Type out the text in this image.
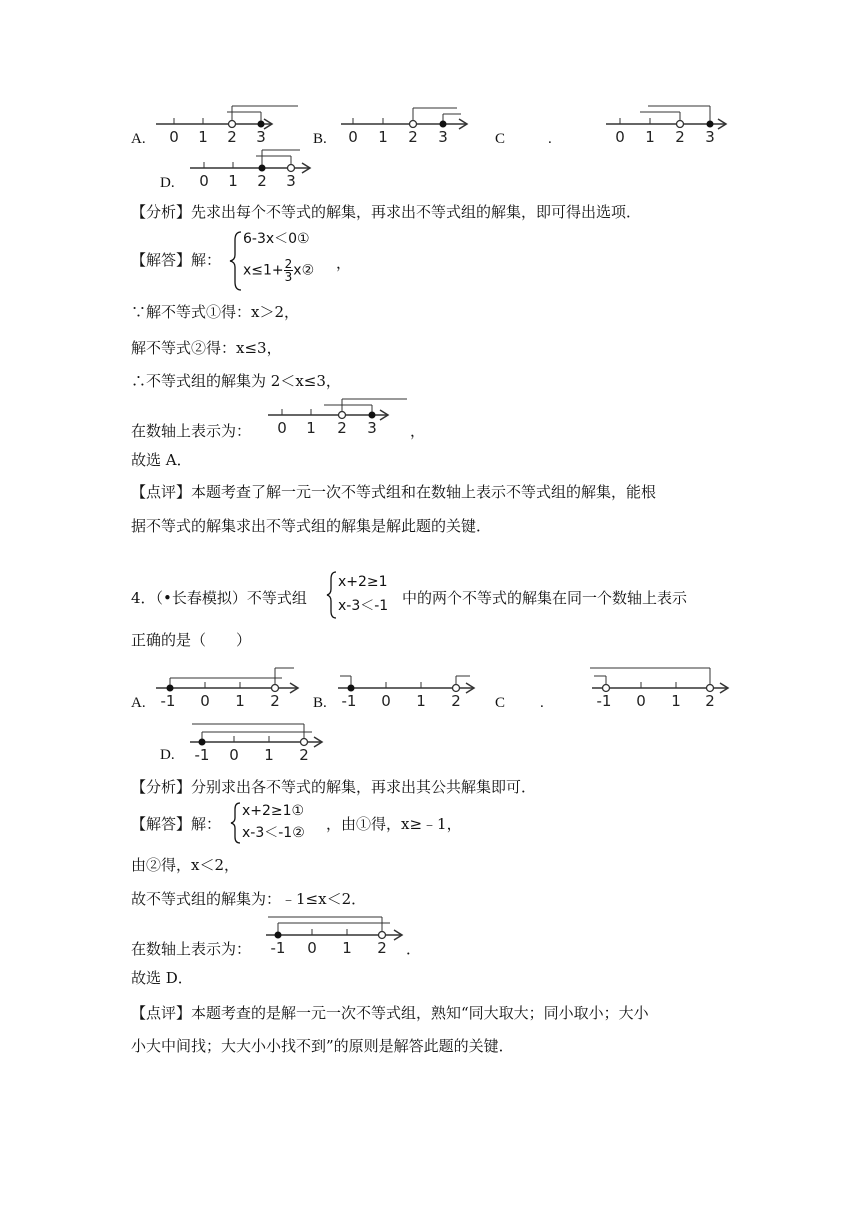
A. 0 1 2 3	B. 0 1 2 3	C	.	0 1 2 3
D. 0 1 2 3
【分析】先求出每个不等式的解集，再求出不等式组的解集，即可得出选项．
【解答】解：
6-3x＜0①
$x\le 1+ \frac{2}{3}$ x② ，
∵解不等式①得：x＞2，
解不等式②得：x≤3，
∴不等式组的解集为 2＜x≤3，
在数轴上表示为： 0 1 2 3 ，
故选 A．
【点评】本题考查了解一元一次不等式组和在数轴上表示不等式组的解集，能根
据不等式的解集求出不等式组的解集是解此题的关键．
4．（•长春模拟）不等式组
x+2≥1
x-3＜-1 中的两个不等式的解集在同一个数轴上表示
正确的是（　　）
A. -1 0 1 2 B. -1 0 1 2 C .	-1 0 1 2
D. -1 0 1 2
【分析】分别求出各不等式的解集，再求出其公共解集即可．
【解答】解：
x+2≥1①
x-3＜-1② ，由①得，x≥﹣1，
由②得，x＜2，
故不等式组的解集为：﹣1≤x＜2．
在数轴上表示为： -1 0 1 2 ．
故选 D．
【点评】本题考查的是解一元一次不等式组，熟知“同大取大；同小取小；大小
小大中间找；大大小小找不到”的原则是解答此题的关键．
